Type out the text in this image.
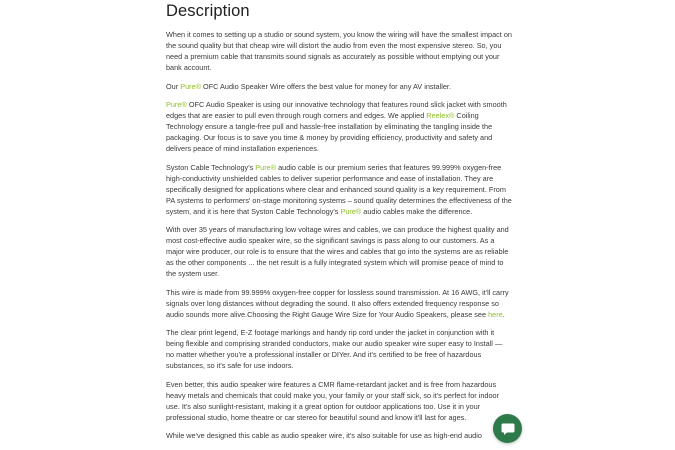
Description

When it comes to setting up a studio or sound system, you know the wiring will have the smallest impact on the sound quality but that cheap wire will distort the audio from even the most expensive stereo. So, you need a premium cable that transmits sound signals as accurately as possible without emptying out your bank account.

Our Pure® OFC Audio Speaker Wire offers the best value for money for any AV installer.

Pure® OFC Audio Speaker is using our innovative technology that features round slick jacket with smooth edges that are easier to pull even through rough corners and edges. We applied Reelex® Coiling Technology ensure a tangle-free pull and hassle-free installation by eliminating the tangling inside the packaging. Our focus is to save you time & money by providing efficiency, productivity and safety and delivers peace of mind installation experiences.

Syston Cable Technology's Pure® audio cable is our premium series that features 99.999% oxygen-free high-conductivity unshielded cables to deliver superior performance and ease of installation. They are specifically designed for applications where clear and enhanced sound quality is a key requirement. From PA systems to performers' on-stage monitoring systems – sound quality determines the effectiveness of the system, and it is here that Syston Cable Technology's Pure® audio cables make the difference.

With over 35 years of manufacturing low voltage wires and cables, we can produce the highest quality and most cost-effective audio speaker wire, so the significant savings is pass along to our customers. As a major wire producer, our role is to ensure that the wires and cables that go into the systems are as reliable as the other components ... the net result is a fully integrated system which will promise peace of mind to the system user.

This wire is made from 99.999% oxygen-free copper for lossless sound transmission. At 16 AWG, it'll carry signals over long distances without degrading the sound. It also offers extended frequency response so audio sounds more alive.Choosing the Right Gauge Wire Size for Your Audio Speakers, please see here.

The clear print legend, E-Z footage markings and handy rip cord under the jacket in conjunction with it being flexible and comprising stranded conductors, make our audio speaker wire super easy to Install — no matter whether you're a professional installer or DIYer. And it's certified to be free of hazardous substances, so it's safe for use indoors.

Even better, this audio speaker wire features a CMR flame-retardant jacket and is free from hazardous heavy metals and chemicals that could make you, your family or your staff sick, so it's perfect for indoor use. It's also sunlight-resistant, making it a great option for outdoor applications too. Use it in your professional studio, home theatre or car stereo for beautiful sound and know it'll last for ages.

While we've designed this cable as audio speaker wire, it's also suitable for use as high-end audio
